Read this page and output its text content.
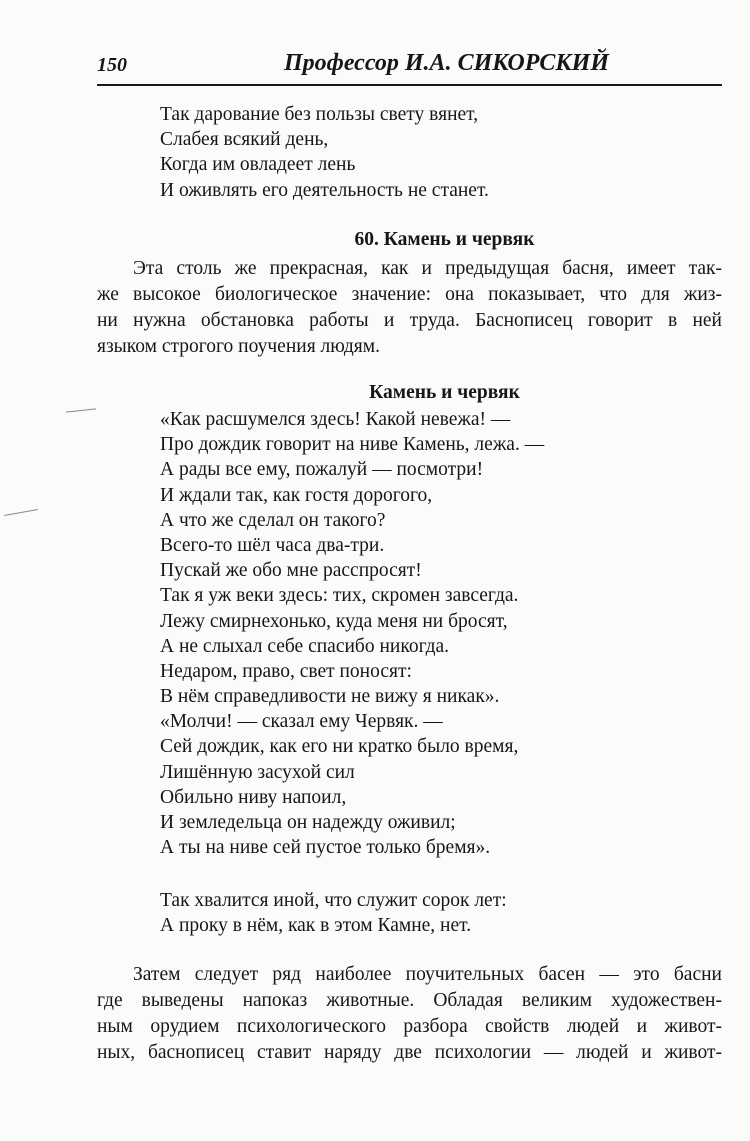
150	Профессор И.А. СИКОРСКИЙ
Так дарование без пользы свету вянет,
Слабея всякий день,
Когда им овладеет лень
И оживлять его деятельность не станет.
60. Камень и червяк
Эта столь же прекрасная, как и предыдущая басня, имеет так-
же высокое биологическое значение: она показывает, что для жиз-
ни нужна обстановка работы и труда. Баснописец говорит в ней
языком строгого поучения людям.
Камень и червяк
«Как расшумелся здесь! Какой невежа! —
Про дождик говорит на ниве Камень, лежа. —
А рады все ему, пожалуй — посмотри!
И ждали так, как гостя дорогого,
А что же сделал он такого?
Всего-то шёл часа два-три.
Пускай же обо мне расспросят!
Так я уж веки здесь: тих, скромен завсегда.
Лежу смирнехонько, куда меня ни бросят,
А не слыхал себе спасибо никогда.
Недаром, право, свет поносят:
В нём справедливости не вижу я никак».
«Молчи! — сказал ему Червяк. —
Сей дождик, как его ни кратко было время,
Лишённую засухой сил
Обильно ниву напоил,
И земледельца он надежду оживил;
А ты на ниве сей пустое только бремя».
Так хвалится иной, что служит сорок лет:
А проку в нём, как в этом Камне, нет.
Затем следует ряд наиболее поучительных басен — это басни
где выведены напоказ животные. Обладая великим художествен-
ным орудием психологического разбора свойств людей и живот-
ных, баснописец ставит наряду две психологии — людей и живот-
